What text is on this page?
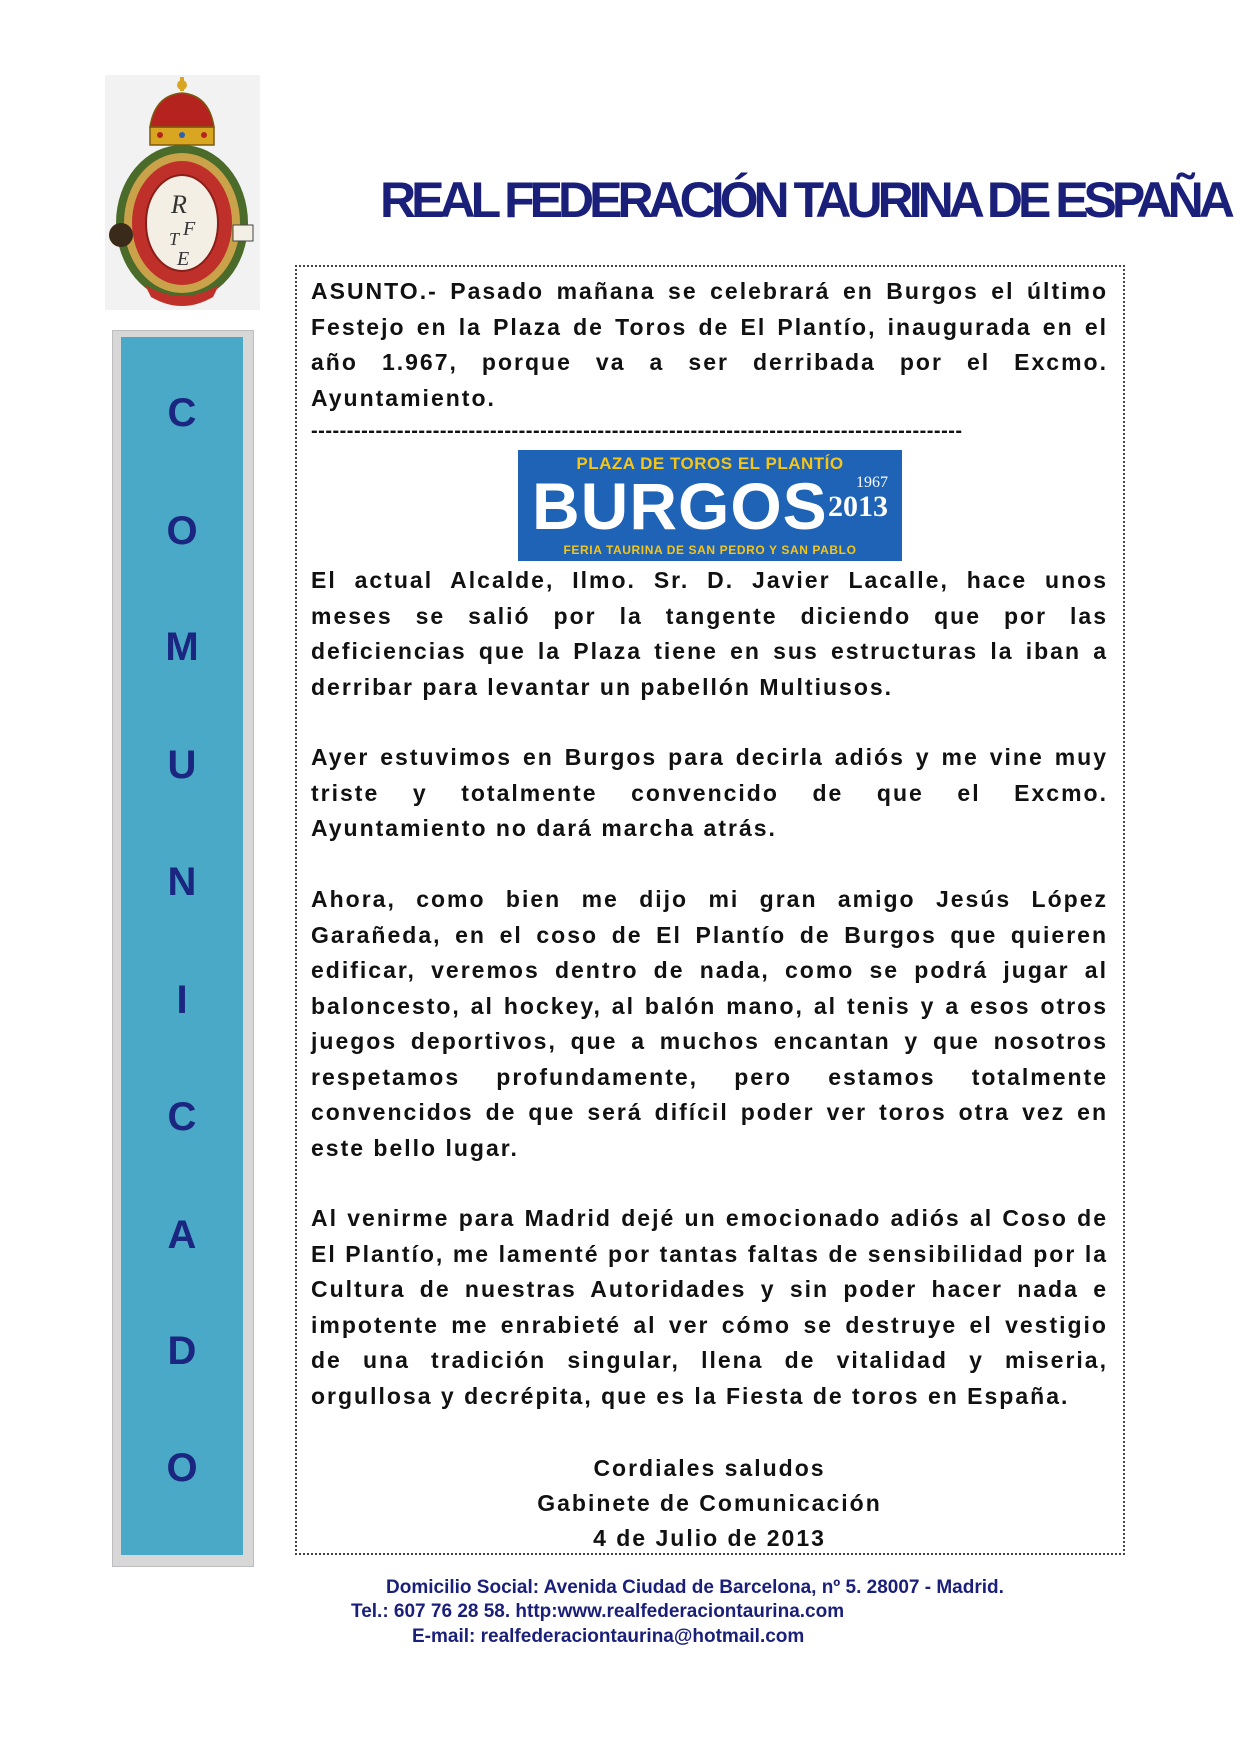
R
F
T
E
REAL FEDERACIÓN TAURINA DE ESPAÑA
C
O
M
U
N
I
C
A
D
O
ASUNTO.- Pasado mañana se celebrará en Burgos el último Festejo en la Plaza de Toros de El Plantío, inaugurada en el año 1.967, porque va a ser derribada por el Excmo. Ayuntamiento.
-------------------------------------------------------------------------------------------
PLAZA DE TOROS EL PLANTÍO
BURGOS 1967
2013
FERIA TAURINA DE SAN PEDRO Y SAN PABLO
El actual Alcalde, Ilmo. Sr. D. Javier Lacalle, hace unos meses se salió por la tangente diciendo que por las deficiencias que la Plaza tiene en sus estructuras la iban a derribar para levantar un pabellón Multiusos.
Ayer estuvimos en Burgos para decirla adiós y me vine muy triste y totalmente convencido de que el Excmo. Ayuntamiento no dará marcha atrás.
Ahora, como bien me dijo mi gran amigo Jesús López Garañeda, en el coso de El Plantío de Burgos que quieren edificar, veremos dentro de nada, como se podrá jugar al baloncesto, al hockey, al balón mano, al tenis y a esos otros juegos deportivos, que a muchos encantan y que nosotros respetamos profundamente, pero estamos totalmente convencidos de que será difícil poder ver toros otra vez en este bello lugar.
Al venirme para Madrid dejé un emocionado adiós al Coso de El Plantío, me lamenté por tantas faltas de sensibilidad por la Cultura de nuestras Autoridades y sin poder hacer nada e impotente me enrabieté al ver cómo se destruye el vestigio de una tradición singular, llena de vitalidad y miseria, orgullosa y decrépita, que es la Fiesta de toros en España.
Cordiales saludos
Gabinete de Comunicación
4 de Julio de 2013
Domicilio Social: Avenida Ciudad de Barcelona, nº 5. 28007 - Madrid.
Tel.: 607 76 28 58. http:www.realfederaciontaurina.com
E-mail: realfederaciontaurina@hotmail.com
